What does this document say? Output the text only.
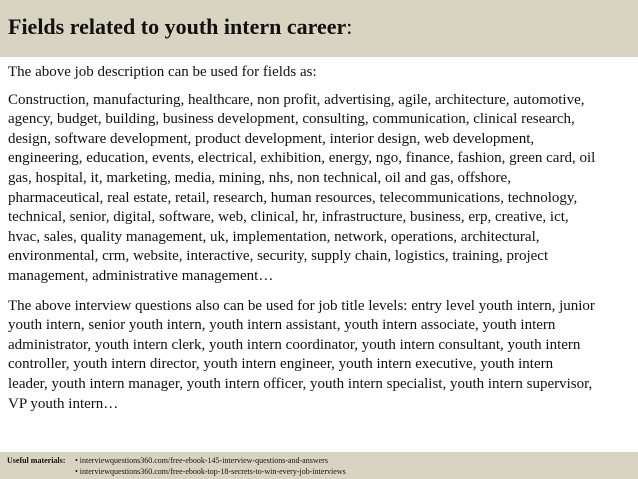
Fields related to youth intern career:

The above job description can be used for fields as:

Construction, manufacturing, healthcare, non profit, advertising, agile, architecture, automotive,
agency, budget, building, business development, consulting, communication, clinical research,
design, software development, product development, interior design, web development,
engineering, education, events, electrical, exhibition, energy, ngo, finance, fashion, green card, oil
gas, hospital, it, marketing, media, mining, nhs, non technical, oil and gas, offshore,
pharmaceutical, real estate, retail, research, human resources, telecommunications, technology,
technical, senior, digital, software, web, clinical, hr, infrastructure, business, erp, creative, ict,
hvac, sales, quality management, uk, implementation, network, operations, architectural,
environmental, crm, website, interactive, security, supply chain, logistics, training, project
management, administrative management…

The above interview questions also can be used for job title levels: entry level youth intern, junior
youth intern, senior youth intern, youth intern assistant, youth intern associate, youth intern
administrator, youth intern clerk, youth intern coordinator, youth intern consultant, youth intern
controller, youth intern director, youth intern engineer, youth intern executive, youth intern
leader, youth intern manager, youth intern officer, youth intern specialist, youth intern supervisor,
VP youth intern…

Useful materials: • interviewquestions360.com/free-ebook-145-interview-questions-and-answers
• interviewquestions360.com/free-ebook-top-18-secrets-to-win-every-job-interviews
